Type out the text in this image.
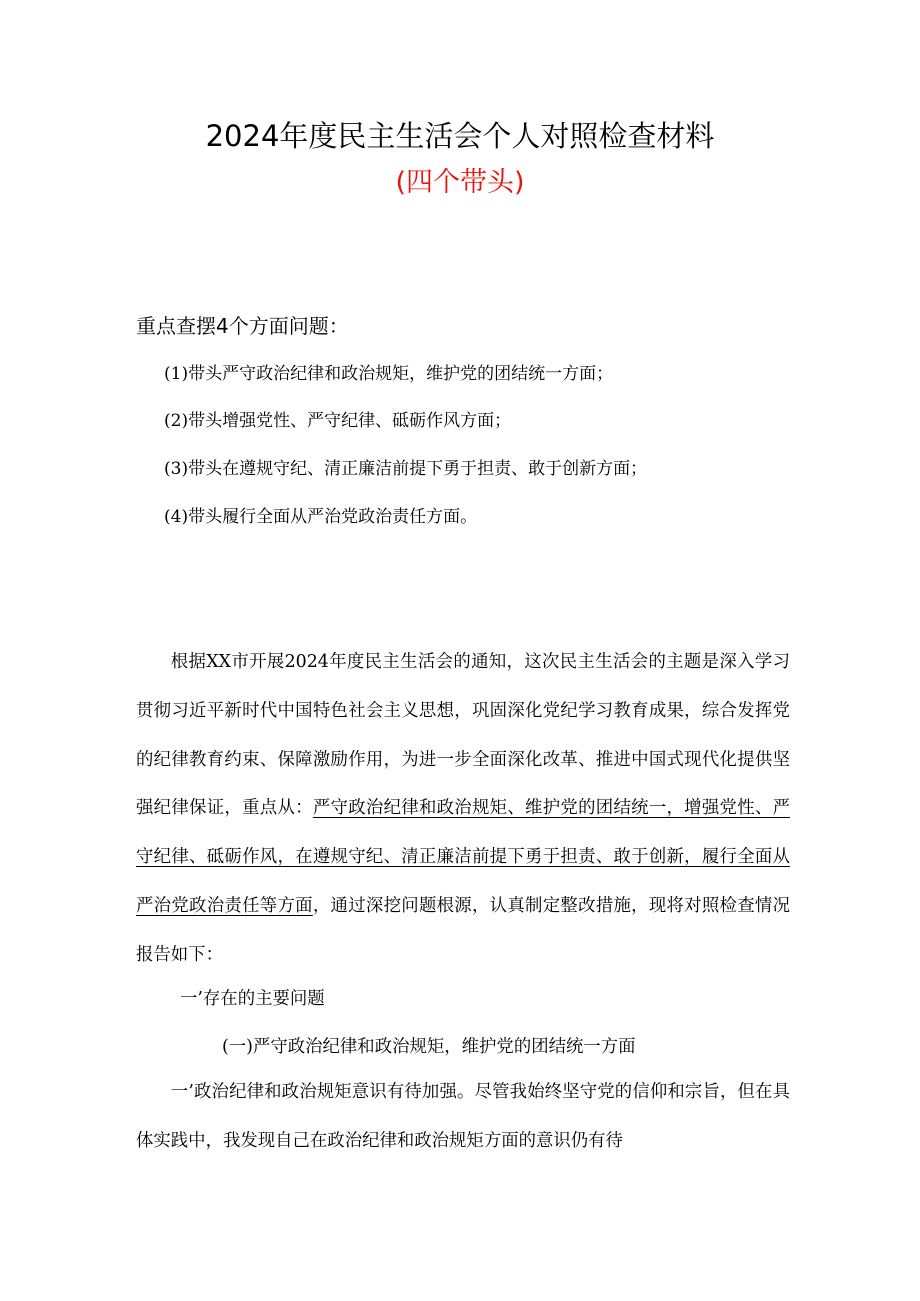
2024年度民主生活会个人对照检查材料
(四个带头)

重点查摆4个方面问题：

(1)带头严守政治纪律和政治规矩，维护党的团结统一方面；

(2)带头增强党性、严守纪律、砥砺作风方面；

(3)带头在遵规守纪、清正廉洁前提下勇于担责、敢于创新方面；

(4)带头履行全面从严治党政治责任方面。

根据XX市开展2024年度民主生活会的通知，这次民主生活会的主题是深入学习贯彻习近平新时代中国特色社会主义思想，巩固深化党纪学习教育成果，综合发挥党的纪律教育约束、保障激励作用，为进一步全面深化改革、推进中国式现代化提供坚强纪律保证，重点从：严守政治纪律和政治规矩、维护党的团结统一，增强党性、严守纪律、砥砺作风，在遵规守纪、清正廉洁前提下勇于担责、敢于创新，履行全面从严治党政治责任等方面，通过深挖问题根源，认真制定整改措施，现将对照检查情况报告如下：

一’存在的主要问题

(一)严守政治纪律和政治规矩，维护党的团结统一方面

一’政治纪律和政治规矩意识有待加强。尽管我始终坚守党的信仰和宗旨，但在具体实践中，我发现自己在政治纪律和政治规矩方面的意识仍有待
